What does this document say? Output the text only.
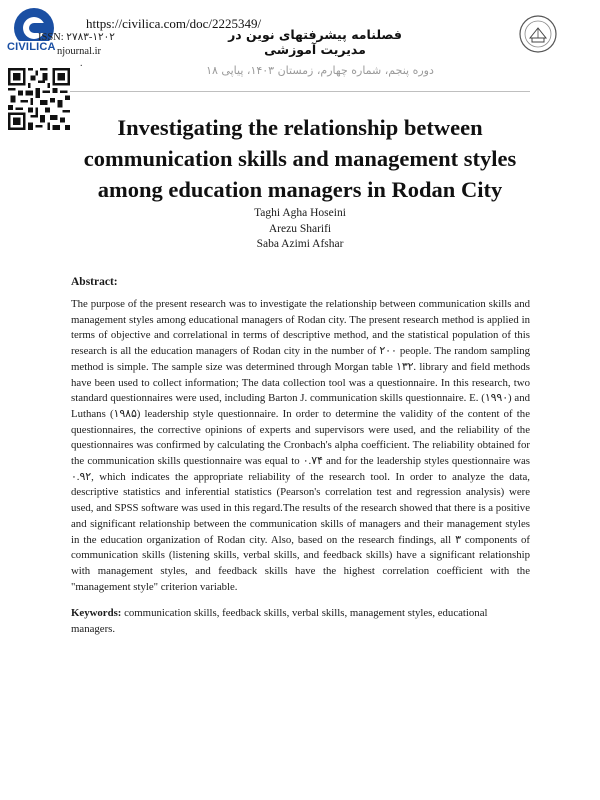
CIVILICA
https://civilica.com/doc/2225349/
ISSN: ۲۷۸۳-۱۲۰۲
njournal.ir
.
فصلنامه پیشرفتهای نوین در مدیریت آموزشی
دوره پنجم، شماره چهارم، زمستان ۱۴۰۳، پیاپی ۱۸
Investigating the relationship between communication skills and management styles among education managers in Rodan City
Taghi Agha Hoseini
Arezu Sharifi
Saba Azimi Afshar
Abstract:
The purpose of the present research was to investigate the relationship between communication skills and management styles among educational managers of Rodan city. The present research method is applied in terms of objective and correlational in terms of descriptive method, and the statistical population of this research is all the education managers of Rodan city in the number of ۲۰۰ people. The random sampling method is simple. The sample size was determined through Morgan table ۱۳۲. library and field methods have been used to collect information; The data collection tool was a questionnaire. In this research, two standard questionnaires were used, including Barton J. communication skills questionnaire. E. (۱۹۹۰) and Luthans (۱۹۸۵) leadership style questionnaire. In order to determine the validity of the content of the questionnaires, the corrective opinions of experts and supervisors were used, and the reliability of the questionnaires was confirmed by calculating the Cronbach's alpha coefficient. The reliability obtained for the communication skills questionnaire was equal to ۰.۷۴ and for the leadership styles questionnaire was ۰.۹۲, which indicates the appropriate reliability of the research tool. In order to analyze the data, descriptive statistics and inferential statistics (Pearson's correlation test and regression analysis) were used, and SPSS software was used in this regard.The results of the research showed that there is a positive and significant relationship between the communication skills of managers and their management styles in the education organization of Rodan city. Also, based on the research findings, all ۳ components of communication skills (listening skills, verbal skills, and feedback skills) have a significant relationship with management styles, and feedback skills have the highest correlation coefficient with the "management style" criterion variable.
Keywords: communication skills, feedback skills, verbal skills, management styles, educational managers.
